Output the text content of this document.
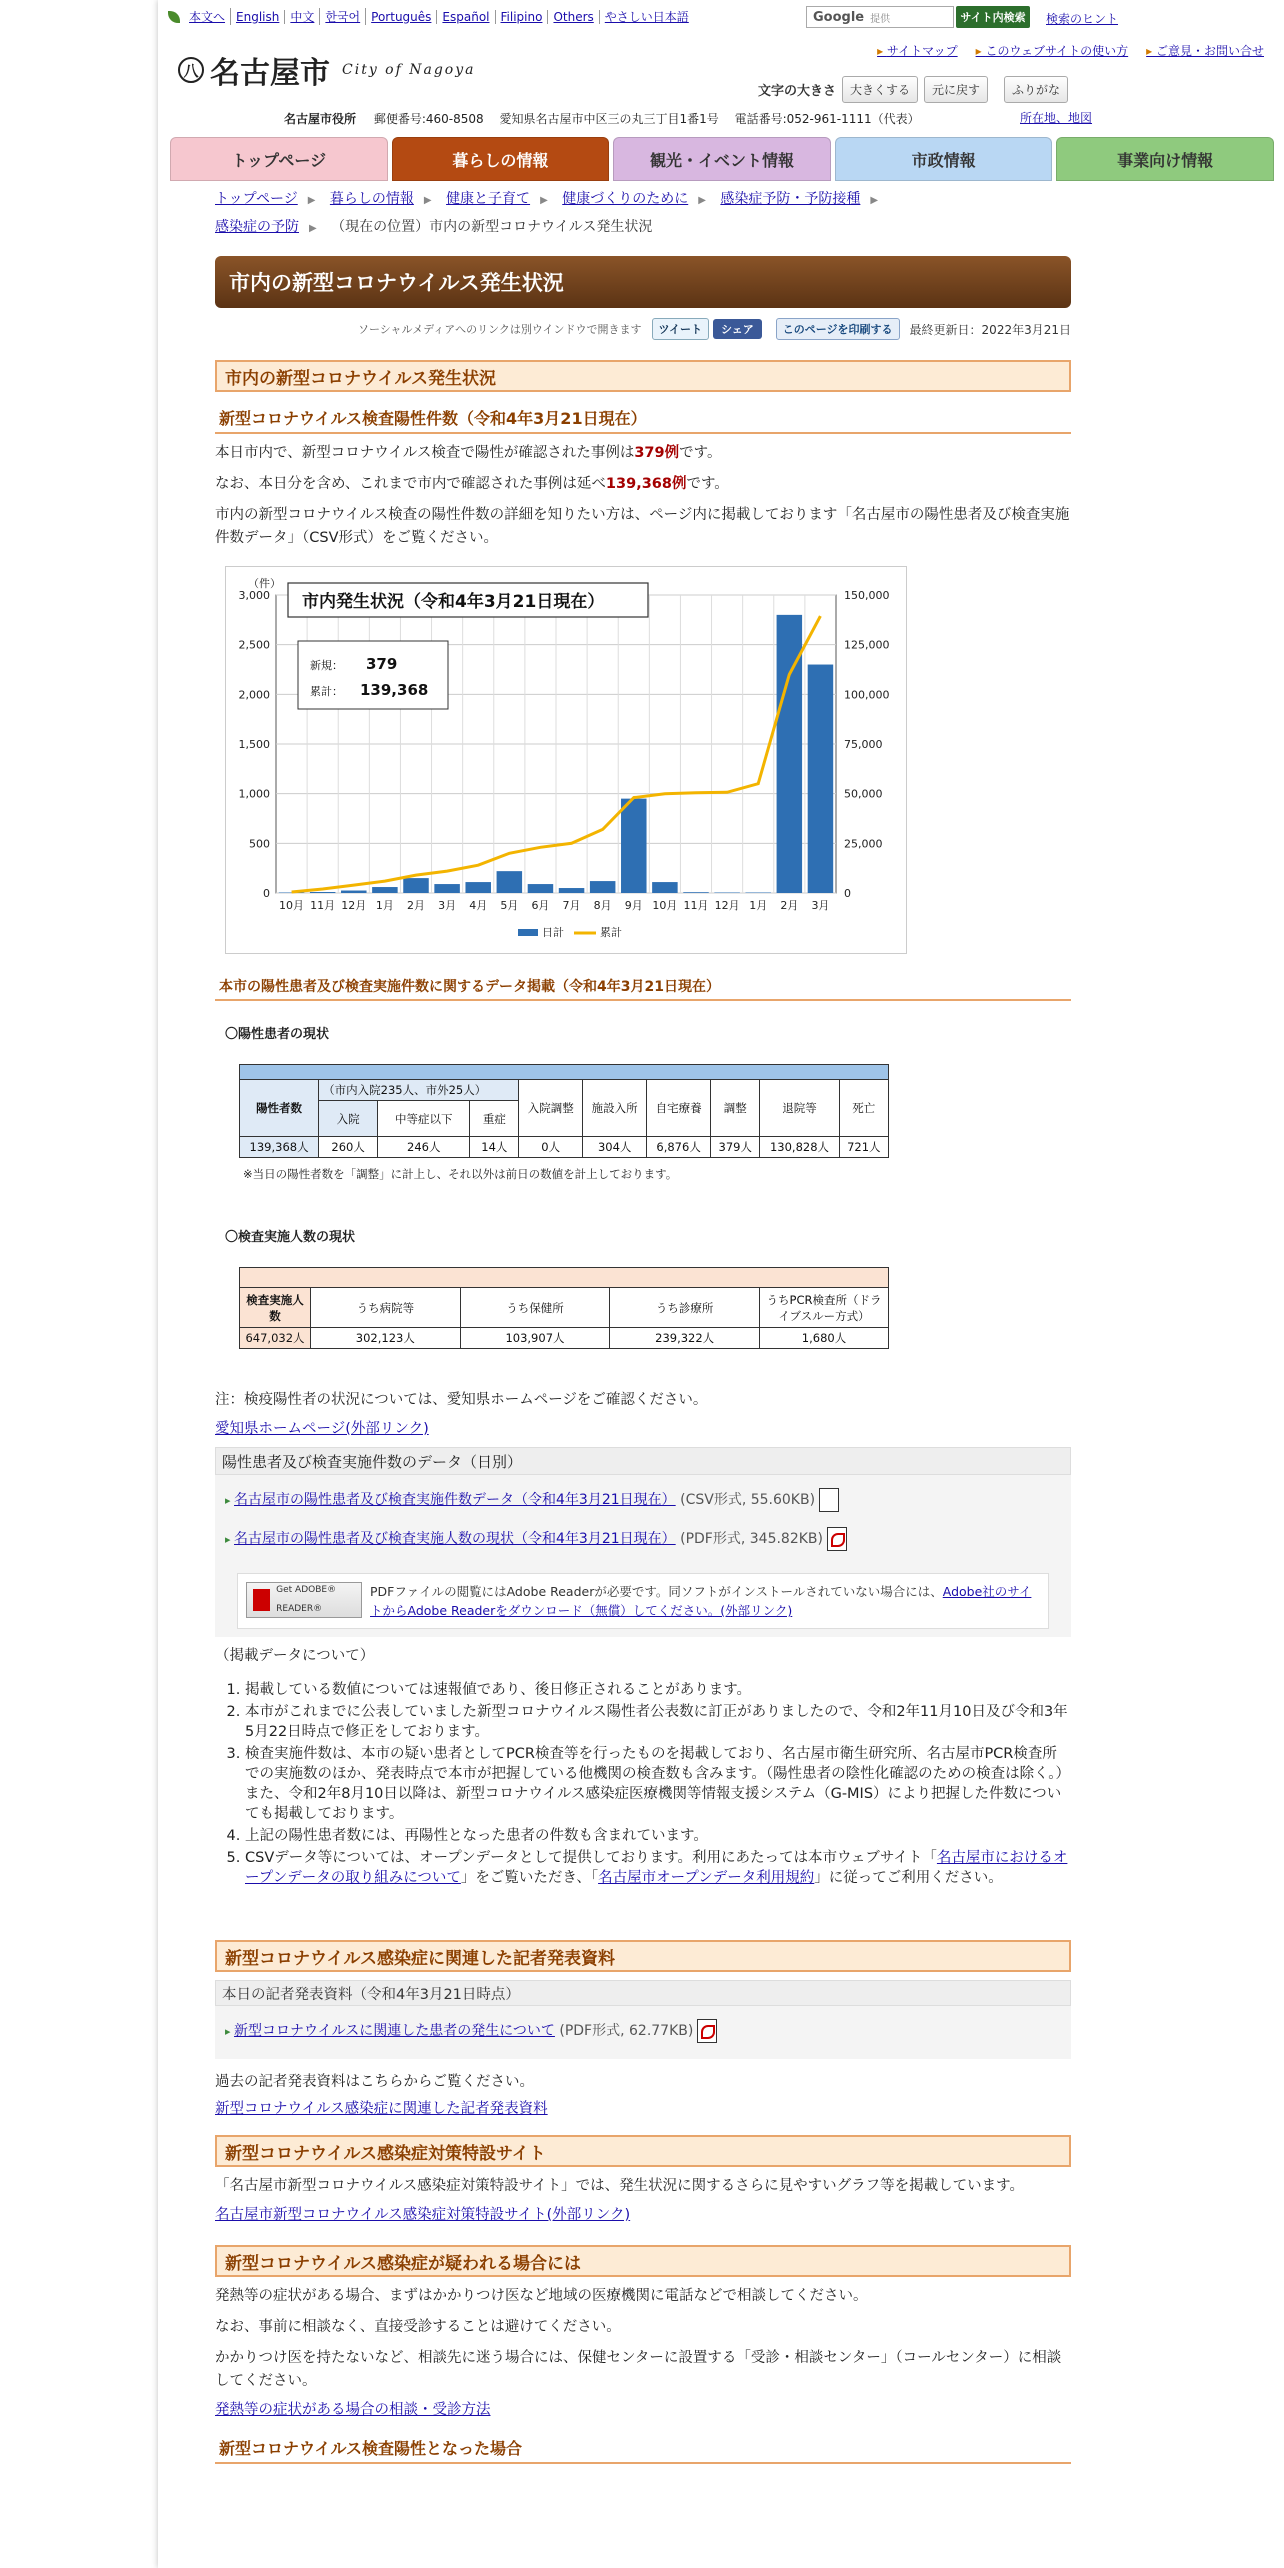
本文へ English 中文 한국어 Português Español Filipino Others やさしい日本語	Google 提供	サイト内検索	検索のヒント
八 名古屋市 City of Nagoya
▸ サイトマップ	▸ このウェブサイトの使い方	▸ ご意見・お問い合せ
文字の大きさ	大きくする	元に戻す	ふりがな
名古屋市役所 郵便番号:460-8508 愛知県名古屋市中区三の丸三丁目1番1号 電話番号:052-961-1111（代表）	所在地、地図
トップページ	暮らしの情報	観光・イベント情報	市政情報	事業向け情報
トップページ ▶ 暮らしの情報 ▶ 健康と子育て ▶ 健康づくりのために ▶ 感染症予防・予防接種 ▶
感染症の予防 ▶ （現在の位置）市内の新型コロナウイルス発生状況
市内の新型コロナウイルス発生状況
ソーシャルメディアへのリンクは別ウインドウで開きます	ツイート	シェア	このページを印刷する	最終更新日：2022年3月21日
市内の新型コロナウイルス発生状況
新型コロナウイルス検査陽性件数（令和4年3月21日現在）

本日市内で、新型コロナウイルス検査で陽性が確認された事例は379例です。

なお、本日分を含め、これまで市内で確認された事例は延べ139,368例です。

市内の新型コロナウイルス検査の陽性件数の詳細を知りたい方は、ページ内に掲載しております「名古屋市の陽性患者及び検査実施件数データ」（CSV形式）をご覧ください。

（件）
0
500
1,000
1,500
2,000
2,500
3,000
0
25,000
50,000
75,000
100,000
125,000
150,000
10月 11月 12月 1月 2月 3月 4月 5月 6月 7月 8月 9月 10月 11月 12月 1月 2月 3月
市内発生状況（令和4年3月21日現在）
新規： 379
累計： 139,368
日計	累計
本市の陽性患者及び検査実施件数に関するデータ掲載（令和4年3月21日現在）
〇陽性患者の現状

陽性者数	（市内入院235人、市外25人）			入院調整	施設入所	自宅療養	調整	退院等	死亡
	入院	中等症以下	重症						
139,368人	260人	246人	14人	0人	304人	6,876人	379人	130,828人	721人
※当日の陽性者数を「調整」に計上し、それ以外は前日の数値を計上しております。
〇検査実施人数の現状

検査実施人数	うち病院等	うち保健所	うち診療所	うちPCR検査所（ドライブスルー方式）
647,032人	302,123人	103,907人	239,322人	1,680人

注：検疫陽性者の状況については、愛知県ホームページをご確認ください。

愛知県ホームページ(外部リンク)

陽性患者及び検査実施件数のデータ（日別）
▸ 名古屋市の陽性患者及び検査実施件数データ（令和4年3月21日現在） (CSV形式, 55.60KB)
▸ 名古屋市の陽性患者及び検査実施人数の現状（令和4年3月21日現在） (PDF形式, 345.82KB)
Get ADOBE® READER®
PDFファイルの閲覧にはAdobe Readerが必要です。同ソフトがインストールされていない場合には、Adobe社のサイトからAdobe Readerをダウンロード（無償）してください。(外部リンク)

（掲載データについて）

1. 掲載している数値については速報値であり、後日修正されることがあります。
2. 本市がこれまでに公表していました新型コロナウイルス陽性者公表数に訂正がありましたので、令和2年11月10日及び令和3年5月22日時点で修正をしております。
3. 検査実施件数は、本市の疑い患者としてPCR検査等を行ったものを掲載しており、名古屋市衛生研究所、名古屋市PCR検査所での実施数のほか、発表時点で本市が把握している他機関の検査数も含みます。（陽性患者の陰性化確認のための検査は除く。）また、令和2年8月10日以降は、新型コロナウイルス感染症医療機関等情報支援システム（G-MIS）により把握した件数についても掲載しております。
4. 上記の陽性患者数には、再陽性となった患者の件数も含まれています。
5. CSVデータ等については、オープンデータとして提供しております。利用にあたっては本市ウェブサイト「名古屋市におけるオープンデータの取り組みについて」をご覧いただき、「名古屋市オープンデータ利用規約」に従ってご利用ください。
新型コロナウイルス感染症に関連した記者発表資料
本日の記者発表資料（令和4年3月21日時点）
▸ 新型コロナウイルスに関連した患者の発生について (PDF形式, 62.77KB)

過去の記者発表資料はこちらからご覧ください。

新型コロナウイルス感染症に関連した記者発表資料

新型コロナウイルス感染症対策特設サイト

「名古屋市新型コロナウイルス感染症対策特設サイト」では、発生状況に関するさらに見やすいグラフ等を掲載しています。

名古屋市新型コロナウイルス感染症対策特設サイト(外部リンク)

新型コロナウイルス感染症が疑われる場合には

発熱等の症状がある場合、まずはかかりつけ医など地域の医療機関に電話などで相談してください。

なお、事前に相談なく、直接受診することは避けてください。

かかりつけ医を持たないなど、相談先に迷う場合には、保健センターに設置する「受診・相談センター」（コールセンター）に相談してください。

発熱等の症状がある場合の相談・受診方法

新型コロナウイルス検査陽性となった場合
